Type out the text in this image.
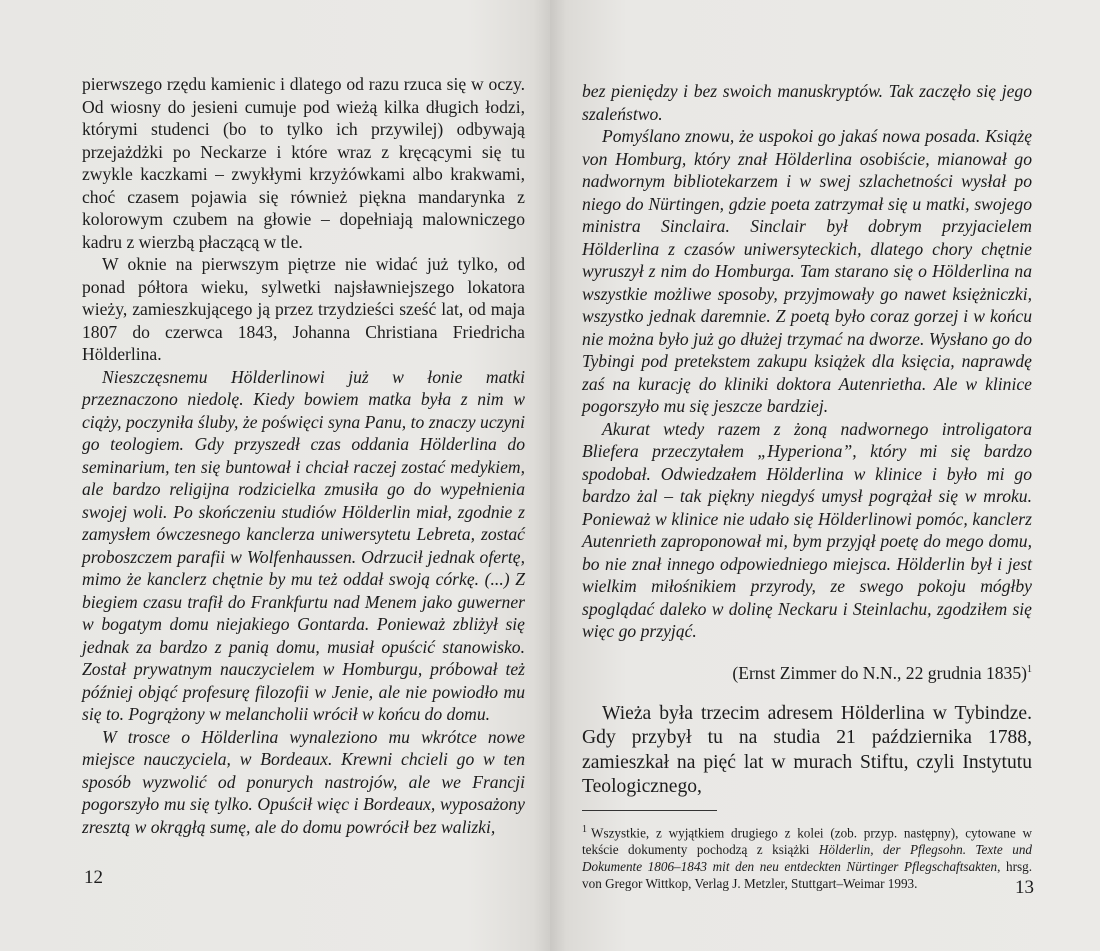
pierwszego rzędu kamienic i dlatego od razu rzuca się w oczy. Od wiosny do jesieni cumuje pod wieżą kilka długich łodzi, którymi studenci (bo to tylko ich przywilej) odbywają przejażdżki po Neckarze i które wraz z kręcącymi się tu zwykle kaczkami – zwykłymi krzyżówkami albo krakwami, choć czasem pojawia się również piękna mandarynka z kolorowym czubem na głowie – dopełniają malowniczego kadru z wierzbą płaczącą w tle.

W oknie na pierwszym piętrze nie widać już tylko, od ponad półtora wieku, sylwetki najsławniejszego lokatora wieży, zamieszkującego ją przez trzydzieści sześć lat, od maja 1807 do czerwca 1843, Johanna Christiana Friedricha Hölderlina.

Nieszczęsnemu Hölderlinowi już w łonie matki przeznaczono niedolę. Kiedy bowiem matka była z nim w ciąży, poczyniła śluby, że poświęci syna Panu, to znaczy uczyni go teologiem. Gdy przyszedł czas oddania Hölderlina do seminarium, ten się buntował i chciał raczej zostać medykiem, ale bardzo religijna rodzicielka zmusiła go do wypełnienia swojej woli. Po skończeniu studiów Hölderlin miał, zgodnie z zamysłem ówczesnego kanclerza uniwersytetu Lebreta, zostać proboszczem parafii w Wolfenhaussen. Odrzucił jednak ofertę, mimo że kanclerz chętnie by mu też oddał swoją córkę. (...) Z biegiem czasu trafił do Frankfurtu nad Menem jako guwerner w bogatym domu niejakiego Gontarda. Ponieważ zbliżył się jednak za bardzo z panią domu, musiał opuścić stanowisko. Został prywatnym nauczycielem w Homburgu, próbował też później objąć profesurę filozofii w Jenie, ale nie powiodło mu się to. Pogrążony w melancholii wrócił w końcu do domu.

W trosce o Hölderlina wynaleziono mu wkrótce nowe miejsce nauczyciela, w Bordeaux. Krewni chcieli go w ten sposób wyzwolić od ponurych nastrojów, ale we Francji pogorszyło mu się tylko. Opuścił więc i Bordeaux, wyposażony zresztą w okrągłą sumę, ale do domu powrócił bez walizki,

12

bez pieniędzy i bez swoich manuskryptów. Tak zaczęło się jego szaleństwo.

Pomyślano znowu, że uspokoi go jakaś nowa posada. Książę von Homburg, który znał Hölderlina osobiście, mianował go nadwornym bibliotekarzem i w swej szlachetności wysłał po niego do Nürtingen, gdzie poeta zatrzymał się u matki, swojego ministra Sinclaira. Sinclair był dobrym przyjacielem Hölderlina z czasów uniwersyteckich, dlatego chory chętnie wyruszył z nim do Homburga. Tam starano się o Hölderlina na wszystkie możliwe sposoby, przyjmowały go nawet księżniczki, wszystko jednak daremnie. Z poetą było coraz gorzej i w końcu nie można było już go dłużej trzymać na dworze. Wysłano go do Tybingi pod pretekstem zakupu książek dla księcia, naprawdę zaś na kurację do kliniki doktora Autenrietha. Ale w klinice pogorszyło mu się jeszcze bardziej.

Akurat wtedy razem z żoną nadwornego introligatora Bliefera przeczytałem „Hyperiona”, który mi się bardzo spodobał. Odwiedzałem Hölderlina w klinice i było mi go bardzo żal – tak piękny niegdyś umysł pogrążał się w mroku. Ponieważ w klinice nie udało się Hölderlinowi pomóc, kanclerz Autenrieth zaproponował mi, bym przyjął poetę do mego domu, bo nie znał innego odpowiedniego miejsca. Hölderlin był i jest wielkim miłośnikiem przyrody, ze swego pokoju mógłby spoglądać daleko w dolinę Neckaru i Steinlachu, zgodziłem się więc go przyjąć.

(Ernst Zimmer do N.N., 22 grudnia 1835)$^1$

Wieża była trzecim adresem Hölderlina w Tybindze. Gdy przybył tu na studia 21 października 1788, zamieszkał na pięć lat w murach Stiftu, czyli Instytutu Teologicznego,

$^1$ Wszystkie, z wyjątkiem drugiego z kolei (zob. przyp. następny), cytowane w tekście dokumenty pochodzą z książki Hölderlin, der Pflegsohn. Texte und Dokumente 1806–1843 mit den neu entdeckten Nürtinger Pflegschaftsakten, hrsg. von Gregor Wittkop, Verlag J. Metzler, Stuttgart–Weimar 1993.	13
